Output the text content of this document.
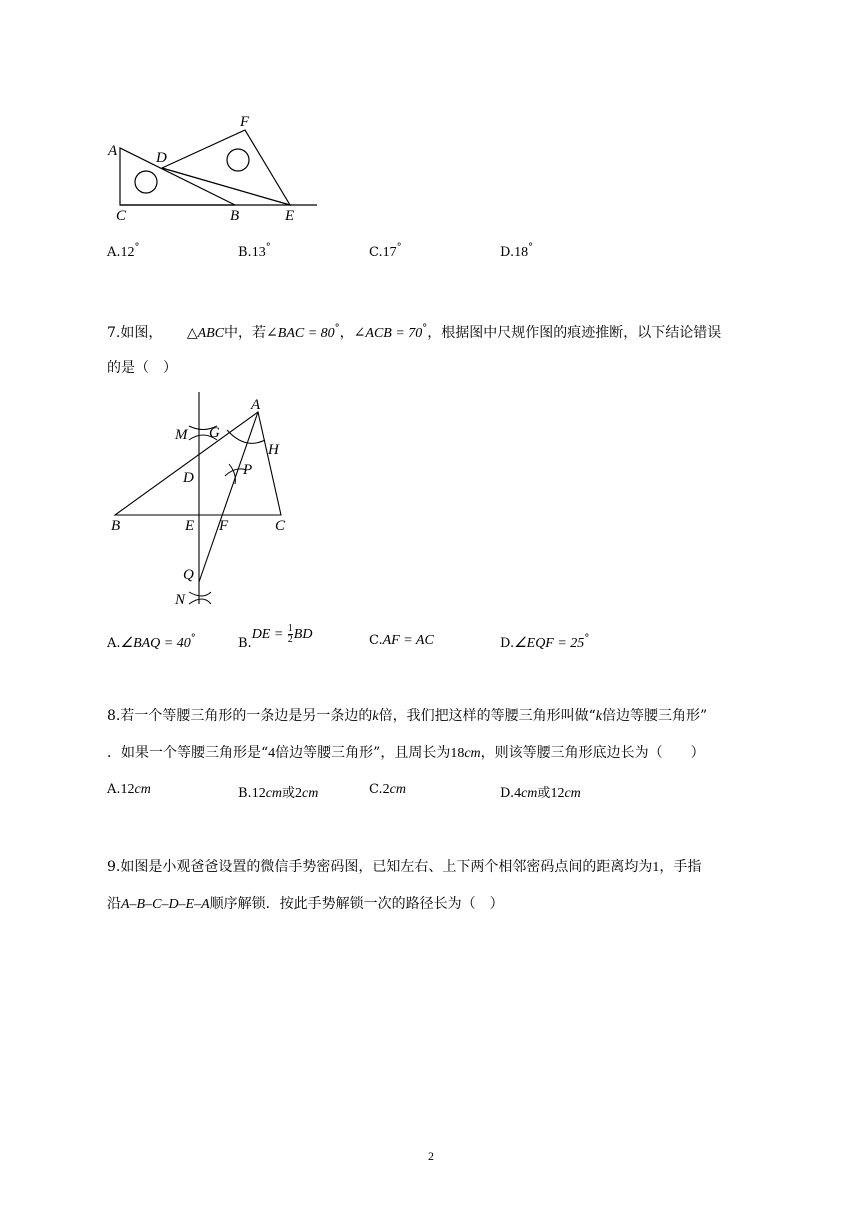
F
A	D
C	B	E
A.12°	B.13°	C.17°	D.18°
7.如图， △ABC中，若∠BAC = 80°，∠ACB = 70°，根据图中尺规作图的痕迹推断，以下结论错误
的是（　）
A
M G
H
D	P
B	E F	C
Q
N
A.∠BAQ = 40°	$B.DE = \frac{1}{2}$ BD	C.AF = AC	D.∠EQF = 25°
8.若一个等腰三角形的一条边是另一条边的k倍，我们把这样的等腰三角形叫做“k倍边等腰三角形”
．如果一个等腰三角形是“4倍边等腰三角形”，且周长为18cm，则该等腰三角形底边长为（　　）
A.12cm	B.12cm或2cm	C.2cm	D.4cm或12cm
9.如图是小观爸爸设置的微信手势密码图，已知左右、上下两个相邻密码点间的距离均为1，手指
沿A–B–C–D–E–A顺序解锁．按此手势解锁一次的路径长为（　）
2
